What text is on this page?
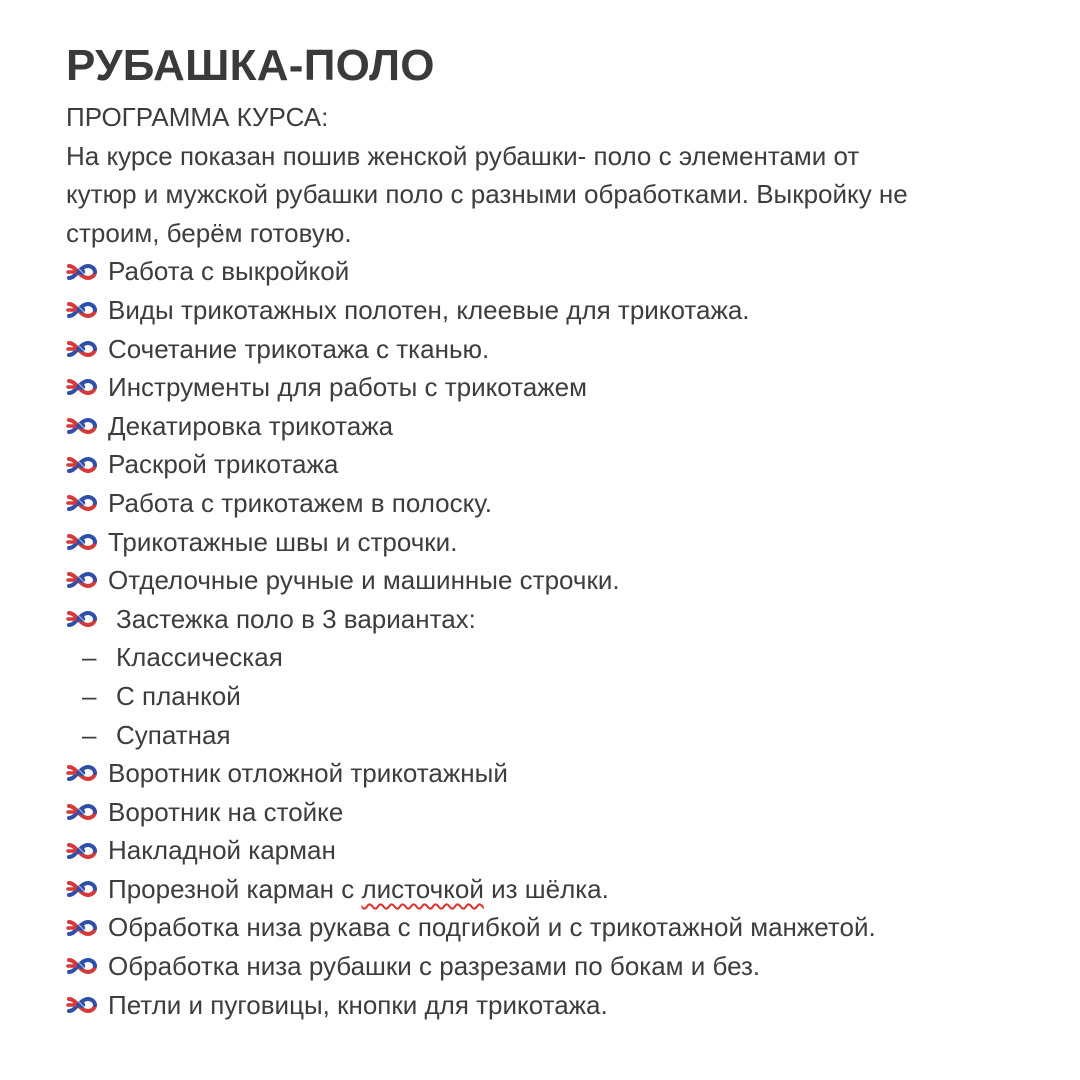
РУБАШКА-ПОЛО
ПРОГРАММА КУРСА:
На курсе показан пошив женской рубашки- поло с элементами от
кутюр и мужской рубашки поло с разными обработками. Выкройку не
строим, берём готовую.
Работа с выкройкой
Виды трикотажных полотен, клеевые для трикотажа.
Сочетание трикотажа с тканью.
Инструменты для работы с трикотажем
Декатировка трикотажа
Раскрой трикотажа
Работа с трикотажем в полоску.
Трикотажные швы и строчки.
Отделочные ручные и машинные строчки.
Застежка поло в 3 вариантах:
– Классическая
– С планкой
– Супатная
Воротник отложной трикотажный
Воротник на стойке
Накладной карман
Прорезной карман с листочкой из шёлка.
Обработка низа рукава с подгибкой и с трикотажной манжетой.
Обработка низа рубашки с разрезами по бокам и без.
Петли и пуговицы, кнопки для трикотажа.
